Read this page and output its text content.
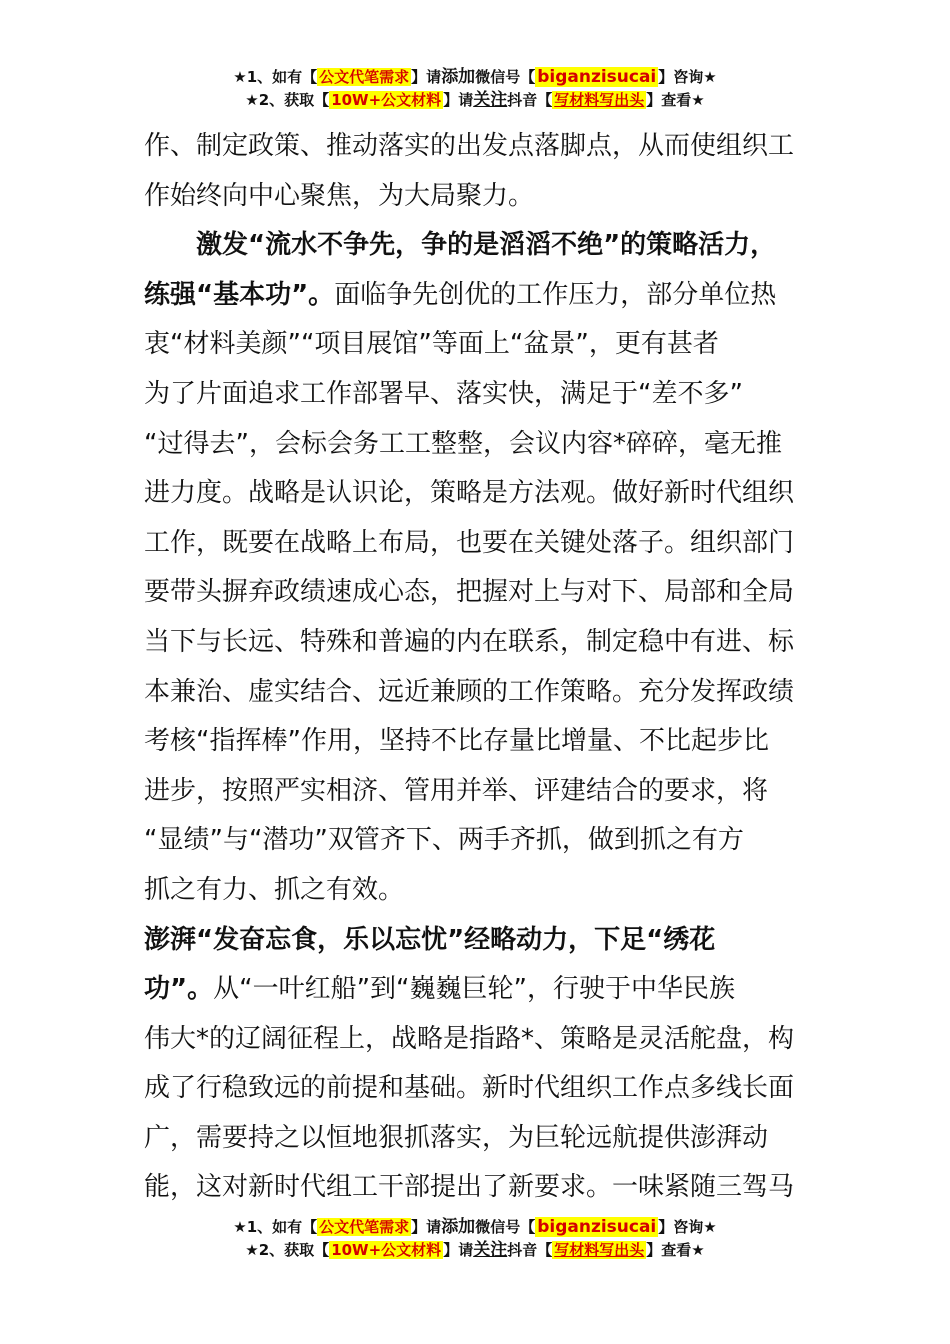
★1、如有【 公文代笔需求 】请添加微信号【 biganzisucai 】咨询★
★2、获取【 10W+公文材料 】请关注抖音【 写材料写出头 】查看★
作、制定政策、推动落实的出发点落脚点，从而使组织工
作始终向中心聚焦，为大局聚力。
激发“流水不争先，争的是滔滔不绝”的策略活力，
练强“基本功”。面临争先创优的工作压力，部分单位热
衷“材料美颜”“项目展馆”等面上“盆景”，更有甚者
为了片面追求工作部署早、落实快，满足于“差不多”
“过得去”，会标会务工工整整，会议内容*碎碎，毫无推
进力度。战略是认识论，策略是方法观。做好新时代组织
工作，既要在战略上布局，也要在关键处落子。组织部门
要带头摒弃政绩速成心态，把握对上与对下、局部和全局
当下与长远、特殊和普遍的内在联系，制定稳中有进、标
本兼治、虚实结合、远近兼顾的工作策略。充分发挥政绩
考核“指挥棒”作用，坚持不比存量比增量、不比起步比
进步，按照严实相济、管用并举、评建结合的要求，将
“显绩”与“潜功”双管齐下、两手齐抓，做到抓之有方
抓之有力、抓之有效。
澎湃“发奋忘食，乐以忘忧”经略动力，下足“绣花
功”。从“一叶红船”到“巍巍巨轮”，行驶于中华民族
伟大*的辽阔征程上，战略是指路*、策略是灵活舵盘，构
成了行稳致远的前提和基础。新时代组织工作点多线长面
广，需要持之以恒地狠抓落实，为巨轮远航提供澎湃动
能，这对新时代组工干部提出了新要求。一味紧随三驾马
★1、如有【 公文代笔需求 】请添加微信号【 biganzisucai 】咨询★
★2、获取【 10W+公文材料 】请关注抖音【 写材料写出头 】查看★
